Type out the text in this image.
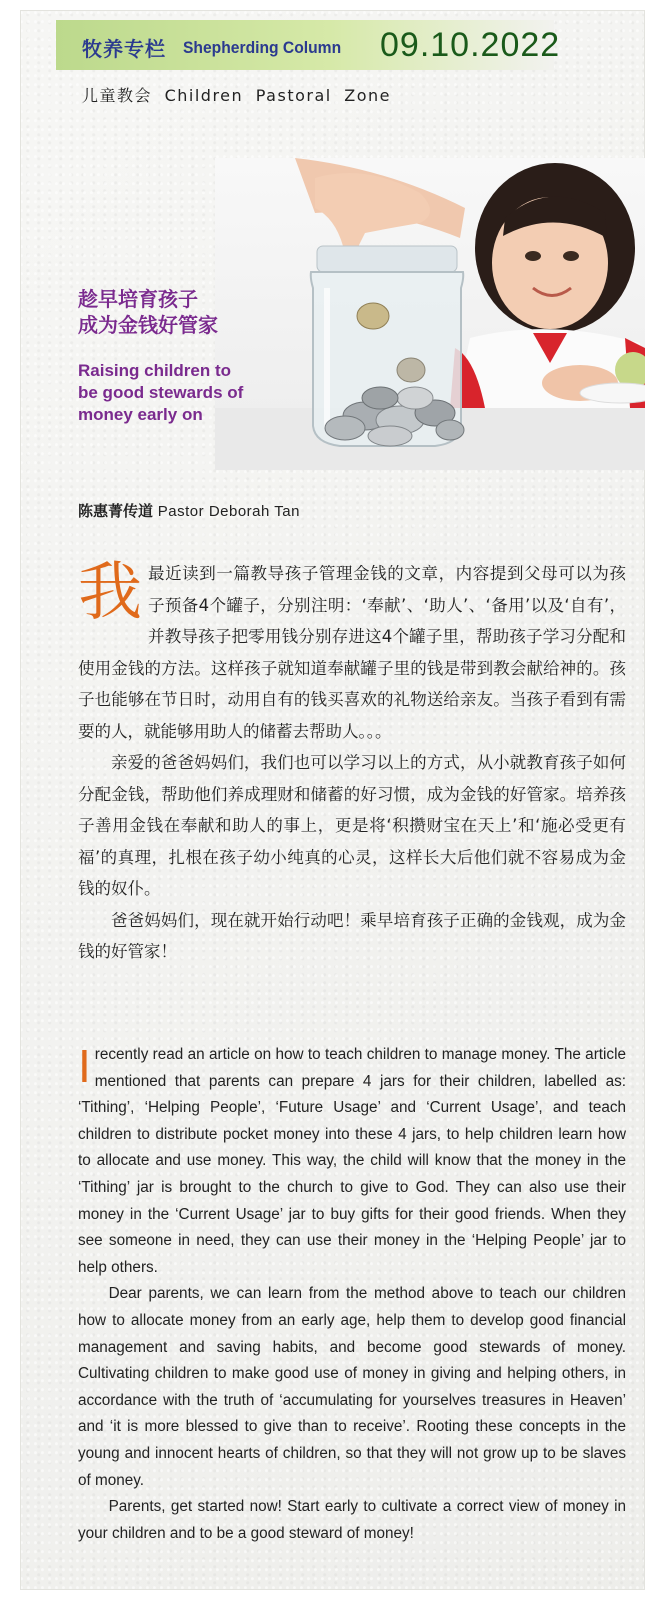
牧养专栏 Shepherding Column 09.10.2022
儿童教会 Children Pastoral Zone
趁早培育孩子
成为金钱好管家
Raising children to
be good stewards of
money early on
陈惠菁传道 Pastor Deborah Tan

我最近读到一篇教导孩子管理金钱的文章，内容提到父母可以为孩子预备4个罐子，分别注明：‘奉献’、‘助人’、‘备用’以及‘自有’，并教导孩子把零用钱分别存进这4个罐子里，帮助孩子学习分配和使用金钱的方法。这样孩子就知道奉献罐子里的钱是带到教会献给神的。孩子也能够在节日时，动用自有的钱买喜欢的礼物送给亲友。当孩子看到有需要的人，就能够用助人的储蓄去帮助人。。。

亲爱的爸爸妈妈们，我们也可以学习以上的方式，从小就教育孩子如何分配金钱，帮助他们养成理财和储蓄的好习惯，成为金钱的好管家。培养孩子善用金钱在奉献和助人的事上，更是将‘积攒财宝在天上’和‘施必受更有福’的真理，扎根在孩子幼小纯真的心灵，这样长大后他们就不容易成为金钱的奴仆。

爸爸妈妈们，现在就开始行动吧！乘早培育孩子正确的金钱观，成为金钱的好管家！

Irecently read an article on how to teach children to manage money. The article mentioned that parents can prepare 4 jars for their children, labelled as: ‘Tithing’, ‘Helping People’, ‘Future Usage’ and ‘Current Usage’, and teach children to distribute pocket money into these 4 jars, to help children learn how to allocate and use money. This way, the child will know that the money in the ‘Tithing’ jar is brought to the church to give to God. They can also use their money in the ‘Current Usage’ jar to buy gifts for their good friends. When they see someone in need, they can use their money in the ‘Helping People’ jar to help others.

Dear parents, we can learn from the method above to teach our children how to allocate money from an early age, help them to develop good financial management and saving habits, and become good stewards of money. Cultivating children to make good use of money in giving and helping others, in accordance with the truth of ‘accumulating for yourselves treasures in Heaven’ and ‘it is more blessed to give than to receive’. Rooting these concepts in the young and innocent hearts of children, so that they will not grow up to be slaves of money.

Parents, get started now! Start early to cultivate a correct view of money in your children and to be a good steward of money!
